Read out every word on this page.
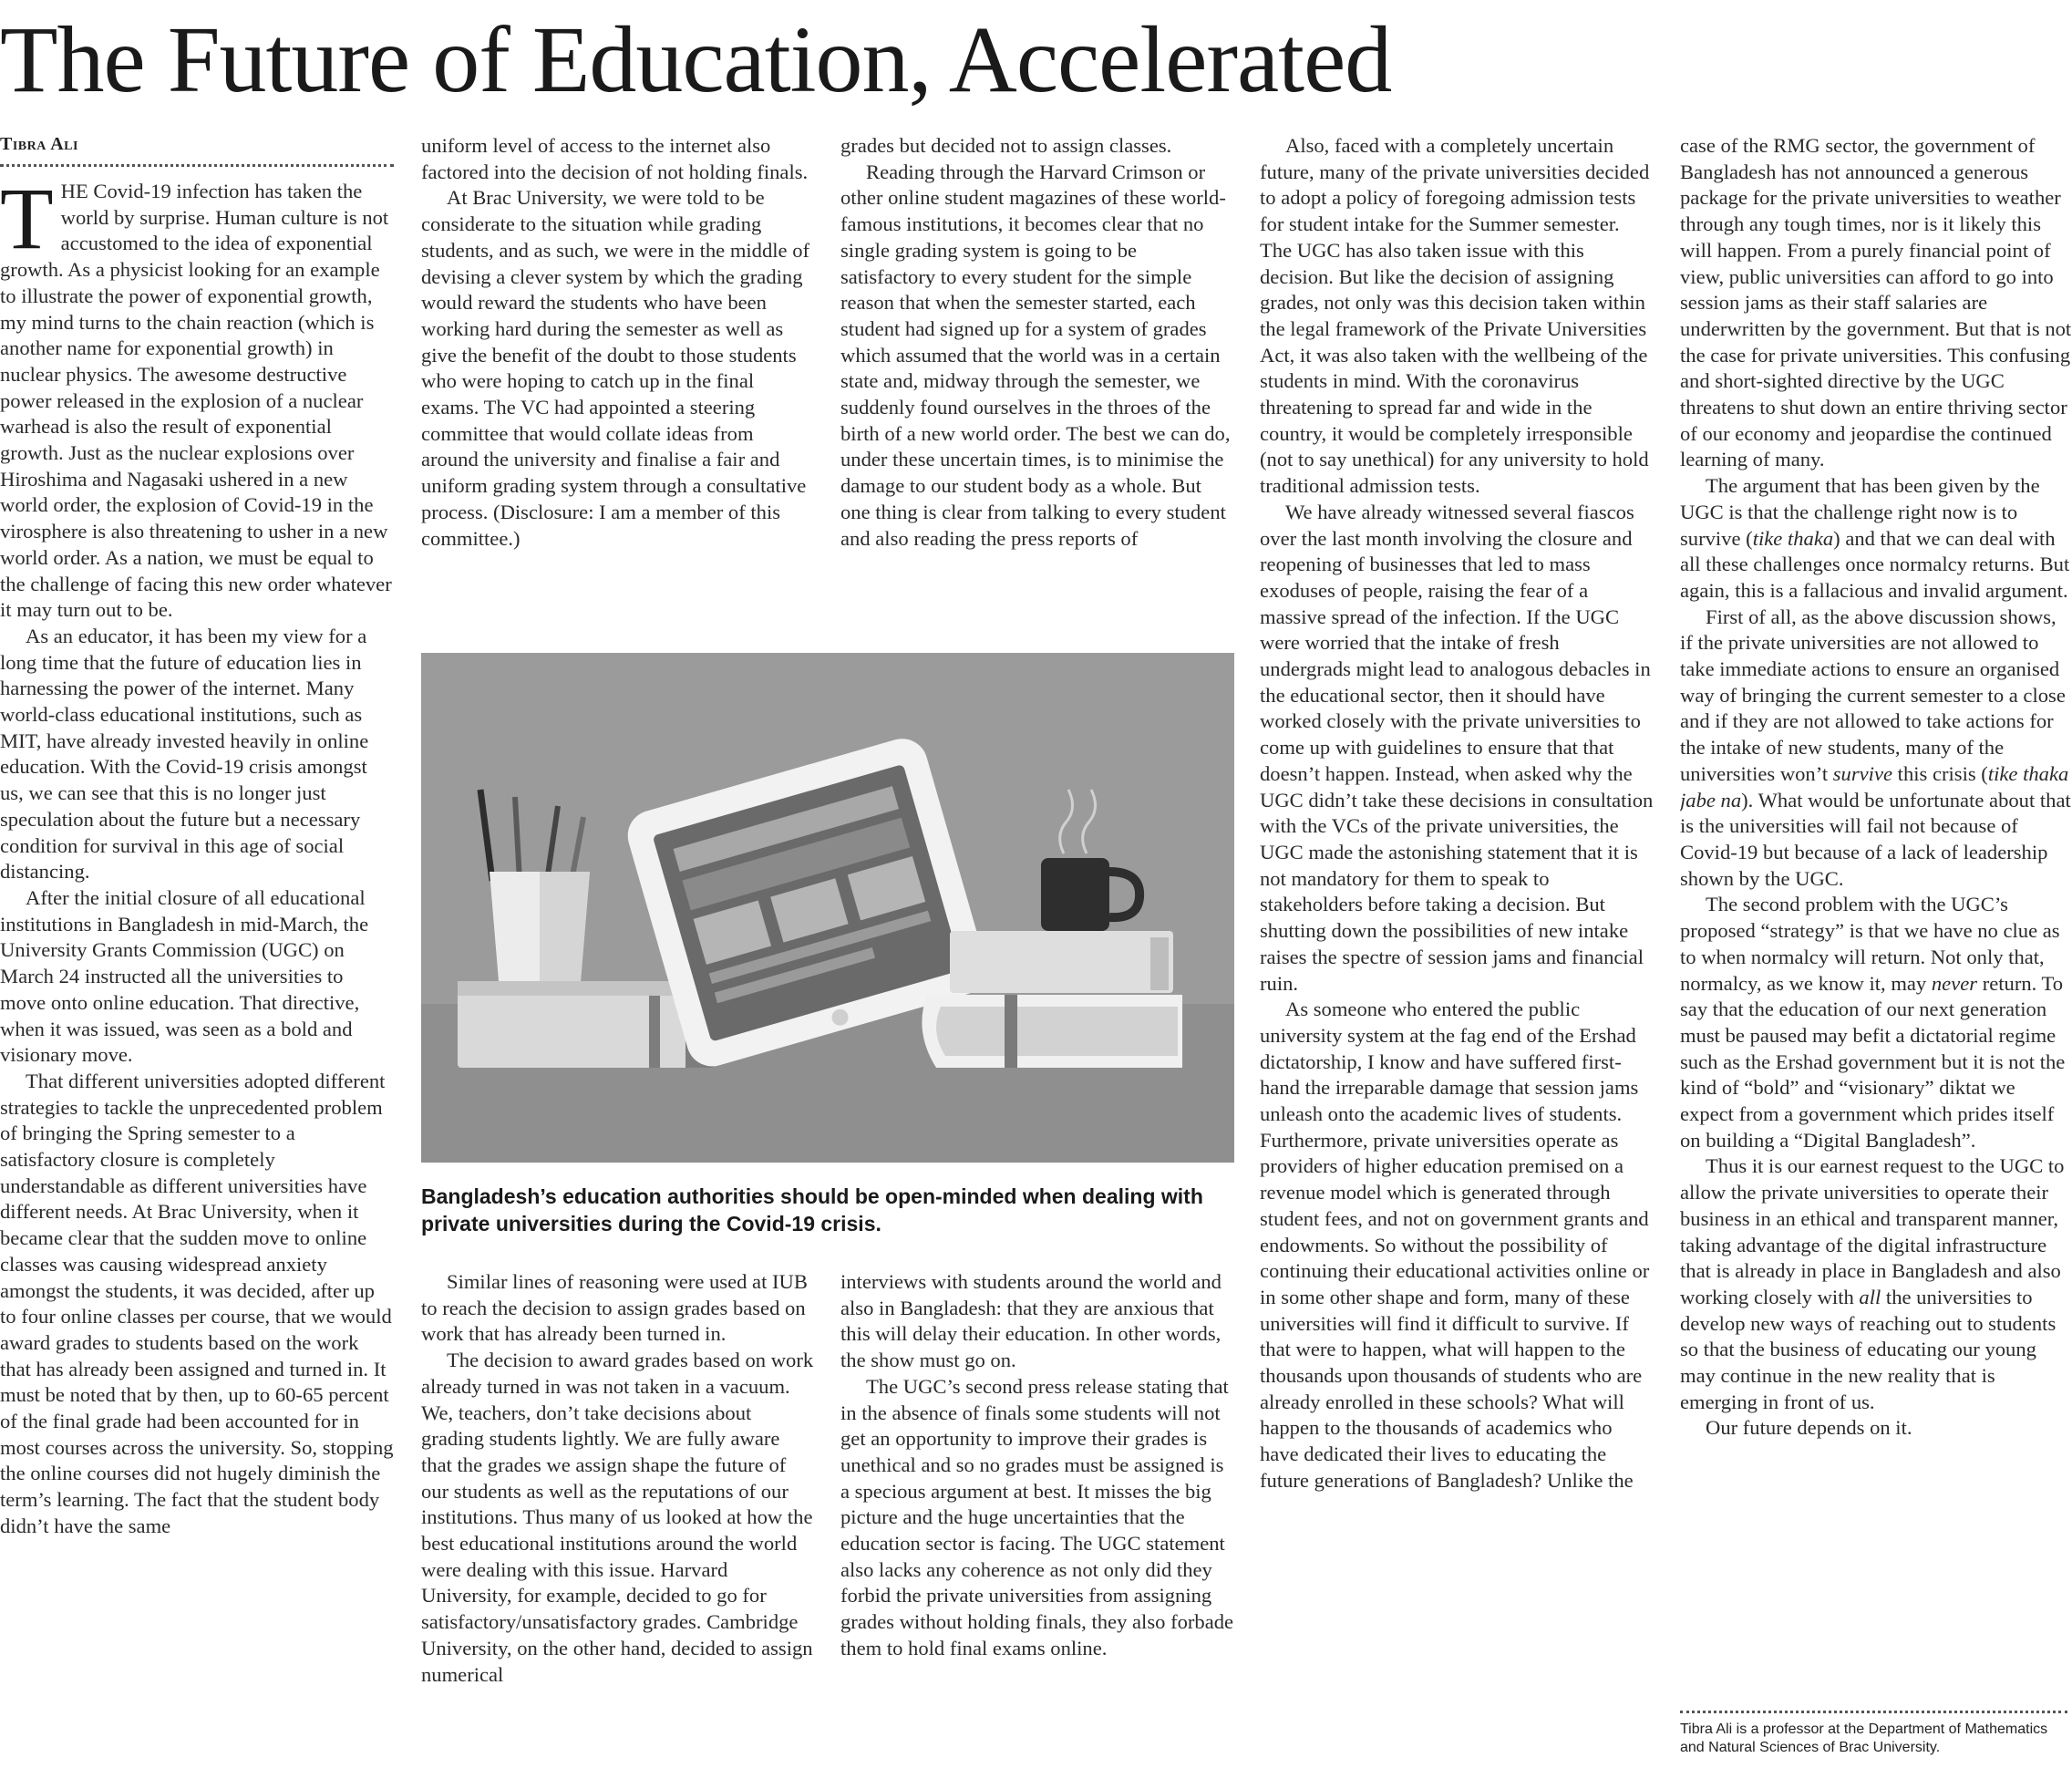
The Future of Education, Accelerated
Tibra Ali

THE Covid-19 infection has taken the world by surprise. Human culture is not accustomed to the idea of exponential growth. As a physicist looking for an example to illustrate the power of exponential growth, my mind turns to the chain reaction (which is another name for exponential growth) in nuclear physics. The awesome destructive power released in the explosion of a nuclear warhead is also the result of exponential growth. Just as the nuclear explosions over Hiroshima and Nagasaki ushered in a new world order, the explosion of Covid-19 in the virosphere is also threatening to usher in a new world order. As a nation, we must be equal to the challenge of facing this new order whatever it may turn out to be.

As an educator, it has been my view for a long time that the future of education lies in harnessing the power of the internet. Many world-class educational institutions, such as MIT, have already invested heavily in online education. With the Covid-19 crisis amongst us, we can see that this is no longer just speculation about the future but a necessary condition for survival in this age of social distancing.

After the initial closure of all educational institutions in Bangladesh in mid-March, the University Grants Commission (UGC) on March 24 instructed all the universities to move onto online education. That directive, when it was issued, was seen as a bold and visionary move.

That different universities adopted different strategies to tackle the unprecedented problem of bringing the Spring semester to a satisfactory closure is completely understandable as different universities have different needs. At Brac University, when it became clear that the sudden move to online classes was causing widespread anxiety amongst the students, it was decided, after up to four online classes per course, that we would award grades to students based on the work that has already been assigned and turned in. It must be noted that by then, up to 60-65 percent of the final grade had been accounted for in most courses across the university. So, stopping the online courses did not hugely diminish the term’s learning. The fact that the student body didn’t have the same

uniform level of access to the internet also factored into the decision of not holding finals.

At Brac University, we were told to be considerate to the situation while grading students, and as such, we were in the middle of devising a clever system by which the grading would reward the students who have been working hard during the semester as well as give the benefit of the doubt to those students who were hoping to catch up in the final exams. The VC had appointed a steering committee that would collate ideas from around the university and finalise a fair and uniform grading system through a consultative process. (Disclosure: I am a member of this committee.)

grades but decided not to assign classes.

Reading through the Harvard Crimson or other online student magazines of these world-famous institutions, it becomes clear that no single grading system is going to be satisfactory to every student for the simple reason that when the semester started, each student had signed up for a system of grades which assumed that the world was in a certain state and, midway through the semester, we suddenly found ourselves in the throes of the birth of a new world order. The best we can do, under these uncertain times, is to minimise the damage to our student body as a whole. But one thing is clear from talking to every student and also reading the press reports of

Bangladesh’s education authorities should be open-minded when dealing with private universities during the Covid-19 crisis.

Similar lines of reasoning were used at IUB to reach the decision to assign grades based on work that has already been turned in.

The decision to award grades based on work already turned in was not taken in a vacuum. We, teachers, don’t take decisions about grading students lightly. We are fully aware that the grades we assign shape the future of our students as well as the reputations of our institutions. Thus many of us looked at how the best educational institutions around the world were dealing with this issue. Harvard University, for example, decided to go for satisfactory/unsatisfactory grades. Cambridge University, on the other hand, decided to assign numerical

interviews with students around the world and also in Bangladesh: that they are anxious that this will delay their education. In other words, the show must go on.

The UGC’s second press release stating that in the absence of finals some students will not get an opportunity to improve their grades is unethical and so no grades must be assigned is a specious argument at best. It misses the big picture and the huge uncertainties that the education sector is facing. The UGC statement also lacks any coherence as not only did they forbid the private universities from assigning grades without holding finals, they also forbade them to hold final exams online.

Also, faced with a completely uncertain future, many of the private universities decided to adopt a policy of foregoing admission tests for student intake for the Summer semester. The UGC has also taken issue with this decision. But like the decision of assigning grades, not only was this decision taken within the legal framework of the Private Universities Act, it was also taken with the wellbeing of the students in mind. With the coronavirus threatening to spread far and wide in the country, it would be completely irresponsible (not to say unethical) for any university to hold traditional admission tests.

We have already witnessed several fiascos over the last month involving the closure and reopening of businesses that led to mass exoduses of people, raising the fear of a massive spread of the infection. If the UGC were worried that the intake of fresh undergrads might lead to analogous debacles in the educational sector, then it should have worked closely with the private universities to come up with guidelines to ensure that that doesn’t happen. Instead, when asked why the UGC didn’t take these decisions in consultation with the VCs of the private universities, the UGC made the astonishing statement that it is not mandatory for them to speak to stakeholders before taking a decision. But shutting down the possibilities of new intake raises the spectre of session jams and financial ruin.

As someone who entered the public university system at the fag end of the Ershad dictatorship, I know and have suffered first-hand the irreparable damage that session jams unleash onto the academic lives of students. Furthermore, private universities operate as providers of higher education premised on a revenue model which is generated through student fees, and not on government grants and endowments. So without the possibility of continuing their educational activities online or in some other shape and form, many of these universities will find it difficult to survive. If that were to happen, what will happen to the thousands upon thousands of students who are already enrolled in these schools? What will happen to the thousands of academics who have dedicated their lives to educating the future generations of Bangladesh? Unlike the

case of the RMG sector, the government of Bangladesh has not announced a generous package for the private universities to weather through any tough times, nor is it likely this will happen. From a purely financial point of view, public universities can afford to go into session jams as their staff salaries are underwritten by the government. But that is not the case for private universities. This confusing and short-sighted directive by the UGC threatens to shut down an entire thriving sector of our economy and jeopardise the continued learning of many.

The argument that has been given by the UGC is that the challenge right now is to survive (tike thaka) and that we can deal with all these challenges once normalcy returns. But again, this is a fallacious and invalid argument.

First of all, as the above discussion shows, if the private universities are not allowed to take immediate actions to ensure an organised way of bringing the current semester to a close and if they are not allowed to take actions for the intake of new students, many of the universities won’t survive this crisis (tike thaka jabe na). What would be unfortunate about that is the universities will fail not because of Covid-19 but because of a lack of leadership shown by the UGC.

The second problem with the UGC’s proposed “strategy” is that we have no clue as to when normalcy will return. Not only that, normalcy, as we know it, may never return. To say that the education of our next generation must be paused may befit a dictatorial regime such as the Ershad government but it is not the kind of “bold” and “visionary” diktat we expect from a government which prides itself on building a “Digital Bangladesh”.

Thus it is our earnest request to the UGC to allow the private universities to operate their business in an ethical and transparent manner, taking advantage of the digital infrastructure that is already in place in Bangladesh and also working closely with all the universities to develop new ways of reaching out to students so that the business of educating our young may continue in the new reality that is emerging in front of us.

Our future depends on it.

Tibra Ali is a professor at the Department of Mathematics and Natural Sciences of Brac University.
